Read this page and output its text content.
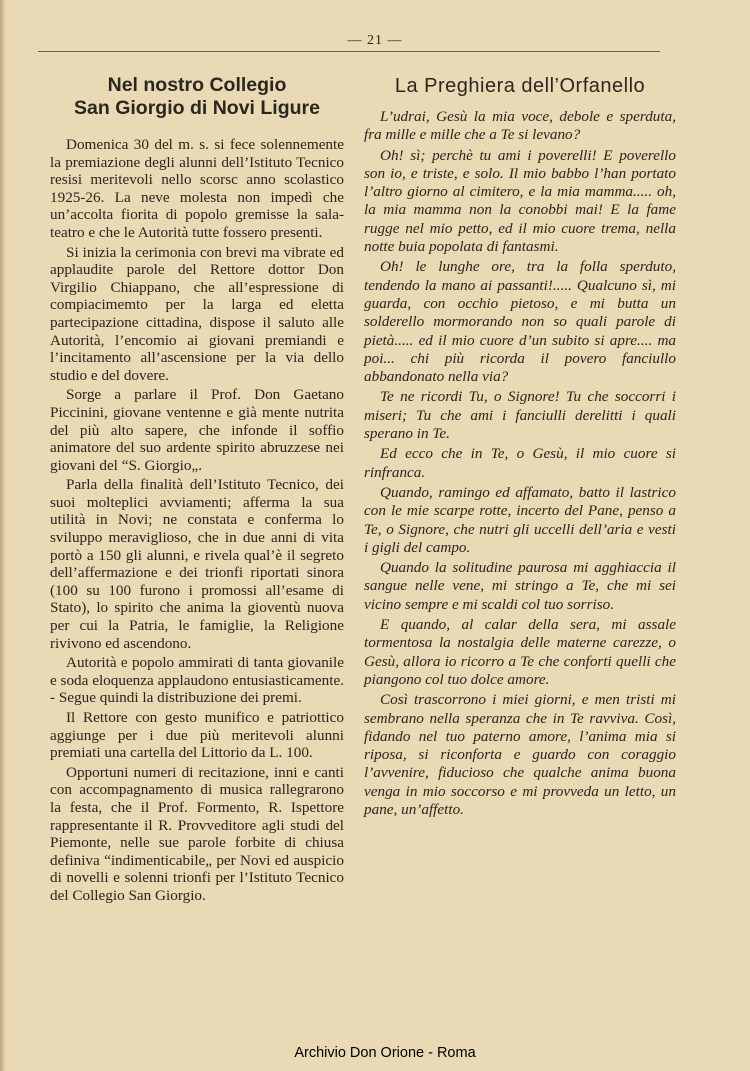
— 21 —
Nel nostro Collegio
San Giorgio di Novi Ligure

Domenica 30 del m. s. si fece solennemente la premiazione degli alunni dell’Istituto Tecnico resisi meritevoli nello scorsc anno scolastico 1925-26. La neve molesta non impedì che un’accolta fiorita di popolo gremisse la sala-teatro e che le Autorità tutte fossero presenti.

Si inizia la cerimonia con brevi ma vibrate ed applaudite parole del Rettore dottor Don Virgilio Chiappano, che all’espressione di compiacimemto per la larga ed eletta partecipazione cittadina, dispose il saluto alle Autorità, l’encomio ai giovani premiandi e l’incitamento all’ascensione per la via dello studio e del dovere.

Sorge a parlare il Prof. Don Gaetano Piccinini, giovane ventenne e già mente nutrita del più alto sapere, che infonde il soffio animatore del suo ardente spirito abruzzese nei giovani del “S. Giorgio„.

Parla della finalità dell’Istituto Tecnico, dei suoi molteplici avviamenti; afferma la sua utilità in Novi; ne constata e conferma lo sviluppo meraviglioso, che in due anni di vita portò a 150 gli alunni, e rivela qual’è il segreto dell’affermazione e dei trionfi riportati sinora (100 su 100 furono i promossi all’esame di Stato), lo spirito che anima la gioventù nuova per cui la Patria, le famiglie, la Religione rivivono ed ascendono.

Autorità e popolo ammirati di tanta giovanile e soda eloquenza applaudono entusiasticamente. - Segue quindi la distribuzione dei premi.

Il Rettore con gesto munifico e patriottico aggiunge per i due più meritevoli alunni premiati una cartella del Littorio da L. 100.

Opportuni numeri di recitazione, inni e canti con accompagnamento di musica rallegrarono la festa, che il Prof. Formento, R. Ispettore rappresentante il R. Provveditore agli studi del Piemonte, nelle sue parole forbite di chiusa definiva “indimenticabile„ per Novi ed auspicio di novelli e solenni trionfi per l’Istituto Tecnico del Collegio San Giorgio.

La Preghiera dell’Orfanello

L’udrai, Gesù la mia voce, debole e sperduta, fra mille e mille che a Te si levano?

Oh! sì; perchè tu ami i poverelli! E poverello son io, e triste, e solo. Il mio babbo l’han portato l’altro giorno al cimitero, e la mia mamma..... oh, la mia mamma non la conobbi mai! E la fame rugge nel mio petto, ed il mio cuore trema, nella notte buia popolata di fantasmi.

Oh! le lunghe ore, tra la folla sperduto, tendendo la mano ai passanti!..... Qualcuno sì, mi guarda, con occhio pietoso, e mi butta un solderello mormorando non so quali parole di pietà..... ed il mio cuore d’un subito si apre.... ma poi... chi più ricorda il povero fanciullo abbandonato nella via?

Te ne ricordi Tu, o Signore! Tu che soccorri i miseri; Tu che ami i fanciulli derelitti i quali sperano in Te.

Ed ecco che in Te, o Gesù, il mio cuore si rinfranca.

Quando, ramingo ed affamato, batto il lastrico con le mie scarpe rotte, incerto del Pane, penso a Te, o Signore, che nutri gli uccelli dell’aria e vesti i gigli del campo.

Quando la solitudine paurosa mi agghiaccia il sangue nelle vene, mi stringo a Te, che mi sei vicino sempre e mi scaldi col tuo sorriso.

E quando, al calar della sera, mi assale tormentosa la nostalgia delle materne carezze, o Gesù, allora io ricorro a Te che conforti quelli che piangono col tuo dolce amore.

Così trascorrono i miei giorni, e men tristi mi sembrano nella speranza che in Te ravviva. Così, fidando nel tuo paterno amore, l’anima mia si riposa, si riconforta e guardo con coraggio l’avvenire, fiducioso che qualche anima buona venga in mio soccorso e mi provveda un letto, un pane, un’affetto.

Archivio Don Orione - Roma
